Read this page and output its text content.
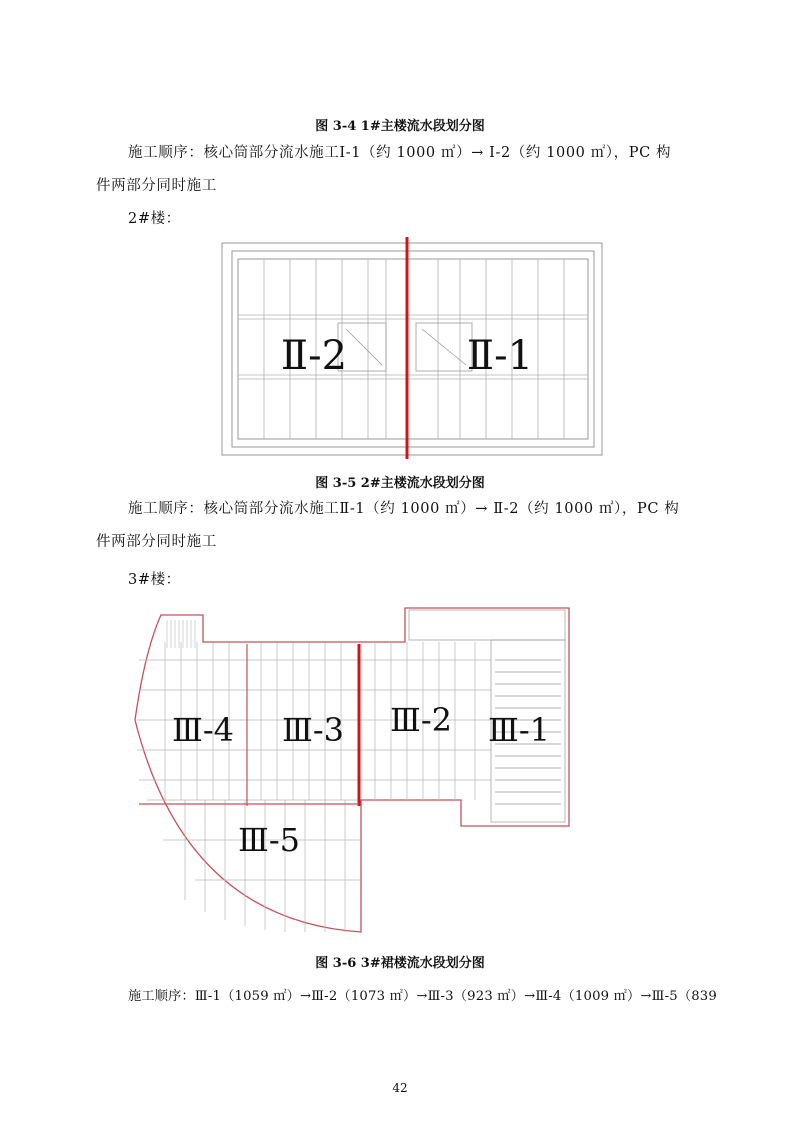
图 3-4 1#主楼流水段划分图
施工顺序：核心筒部分流水施工Ⅰ-1（约 1000 ㎡）→ Ⅰ-2（约 1000 ㎡），PC 构
件两部分同时施工
2#楼：
Ⅱ-2	Ⅱ-1
图 3-5 2#主楼流水段划分图
施工顺序：核心筒部分流水施工Ⅱ-1（约 1000 ㎡）→ Ⅱ-2（约 1000 ㎡），PC 构
件两部分同时施工
3#楼：
Ⅲ-4 Ⅲ-3 Ⅲ-2 Ⅲ-1
Ⅲ-5
图 3-6 3#裙楼流水段划分图
施工顺序：Ⅲ-1（1059 ㎡）→Ⅲ-2（1073 ㎡）→Ⅲ-3（923 ㎡）→Ⅲ-4（1009 ㎡）→Ⅲ-5（839
42
